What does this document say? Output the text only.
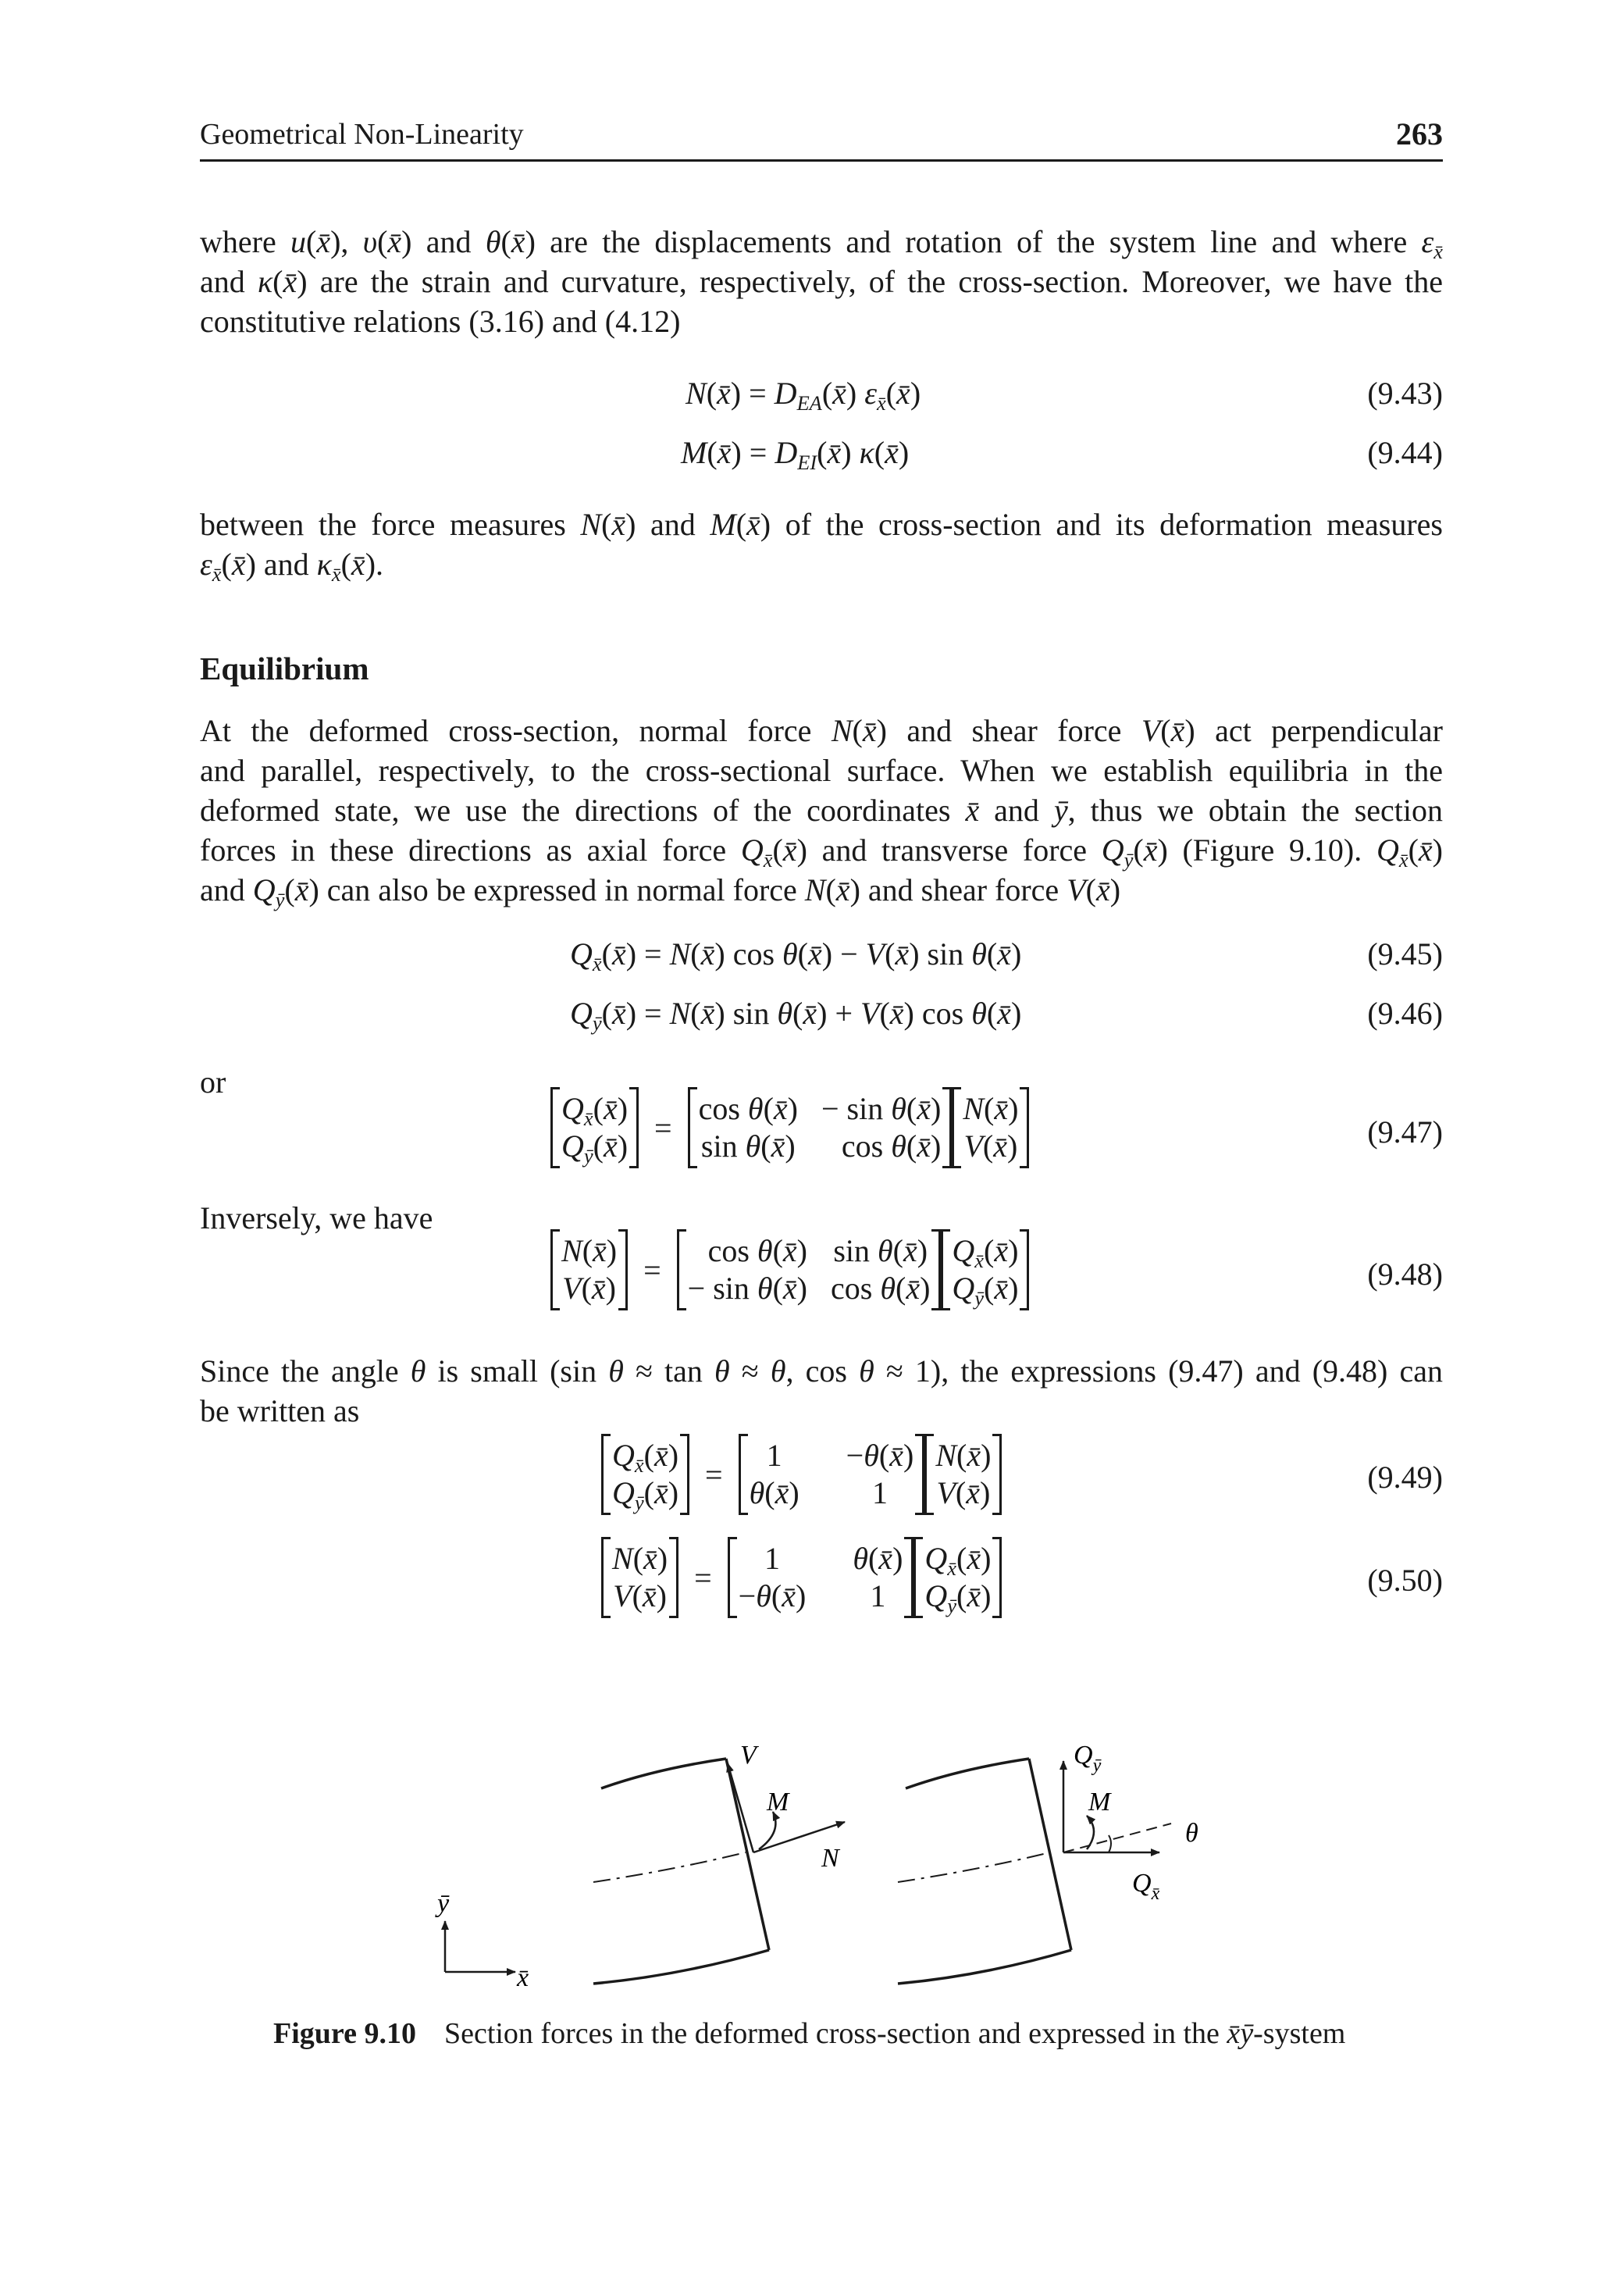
Geometrical Non-Linearity	263
where u(x̄), υ(x̄) and θ(x̄) are the displacements and rotation of the system line and where $\varepsilon_{x̄}$
and κ(x̄) are the strain and curvature, respectively, of the cross-section. Moreover, we have the
constitutive relations (3.16) and (4.12)
N(x̄) = $D_{EA}(x̄)$ $\varepsilon_{x̄}(x̄)$	(9.43)
M(x̄) = $D_{EI}(x̄)$ κ(x̄)	(9.44)
between the force measures N(x̄) and M(x̄) of the cross-section and its deformation measures
$\varepsilon_{x̄}(x̄)$ and $\kappa_{x̄}(x̄)$.
Equilibrium
At the deformed cross-section, normal force N(x̄) and shear force V(x̄) act perpendicular
and parallel, respectively, to the cross-sectional surface. When we establish equilibria in the
deformed state, we use the directions of the coordinates x̄ and ȳ, thus we obtain the section
forces in these directions as axial force $Q_{x̄}(x̄)$ and transverse force $Q_ȳ(x̄)$ (Figure 9.10). $Q_{x̄}(x̄)$
and $Q_ȳ(x̄)$ can also be expressed in normal force N(x̄) and shear force V(x̄)
$Q_{x̄}(x̄)$ = N(x̄) cos θ(x̄) − V(x̄) sin θ(x̄)	(9.45)
$Q_ȳ(x̄)$ = N(x̄) sin θ(x̄) + V(x̄) cos θ(x̄)	(9.46)
or
$Q_{x̄}(x̄)$
$Q_ȳ(x̄)$
=
cos θ(x̄) − sin θ(x̄)
sin θ(x̄)	cos θ(x̄)
N(x̄)
V(x̄)	(9.47)
Inversely, we have
N(x̄)
V(x̄)
=
cos θ(x̄) sin θ(x̄)
− sin θ(x̄) cos θ(x̄)
$Q_{x̄}(x̄)$
$Q_ȳ(x̄)$	(9.48)
Since the angle θ is small (sin θ ≈ tan θ ≈ θ, cos θ ≈ 1), the expressions (9.47) and (9.48) can
be written as
$Q_{x̄}(x̄)$
$Q_ȳ(x̄)$
=
1	−θ(x̄)
θ(x̄)	1
N(x̄)
V(x̄)	(9.49)
N(x̄)
V(x̄)
=
1	θ(x̄)
−θ(x̄)	1
$Q_{x̄}(x̄)$
$Q_ȳ(x̄)$	(9.50)
ȳ
x̄
V
M
N
$Q_ȳ$
M
θ
$Q_{x̄}$
Figure 9.10 Section forces in the deformed cross-section and expressed in the x̄ȳ-system
